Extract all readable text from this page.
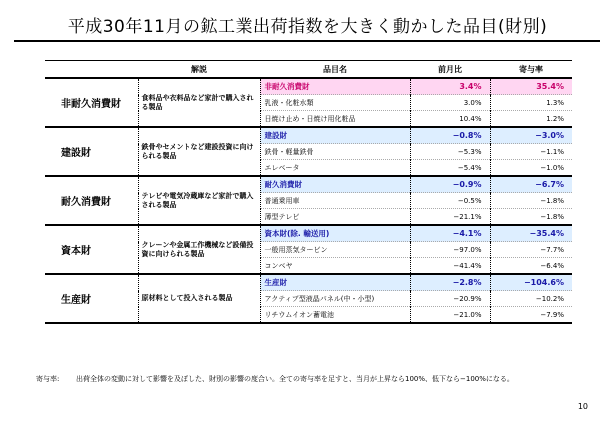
平成30年11月の鉱工業出荷指数を大きく動かした品目(財別)
	解説	品目名	前月比	寄与率
非耐久消費財	食料品や衣料品など家計で購入される製品	非耐久消費財	3.4%	35.4%
		乳液・化粧水類	3.0%	1.3%
		日焼け止め・日焼け用化粧品	10.4%	1.2%
建設財	鉄骨やセメントなど建設投資に向けられる製品	建設財	−0.8%	−3.0%
		鉄骨・軽量鉄骨	−5.3%	−1.1%
		エレベータ	−5.4%	−1.0%
耐久消費財	テレビや電気冷蔵庫など家計で購入される製品	耐久消費財	−0.9%	−6.7%
		普通乗用車	−0.5%	−1.8%
		薄型テレビ	−21.1%	−1.8%
資本財	クレーンや金属工作機械など設備投資に向けられる製品	資本財(除. 輸送用)	−4.1%	−35.4%
		一般用蒸気タービン	−97.0%	−7.7%
		コンベヤ	−41.4%	−6.4%
生産財	原材料として投入される製品	生産財	−2.8%	−104.6%
		アクティブ型液晶パネル(中・小型)	−20.9%	−10.2%
		リチウムイオン蓄電池	−21.0%	−7.9%
寄与率: 出荷全体の変動に対して影響を及ぼした、財別の影響の度合い。全ての寄与率を足すと、当月が上昇なら100%、低下なら−100%になる。
10
